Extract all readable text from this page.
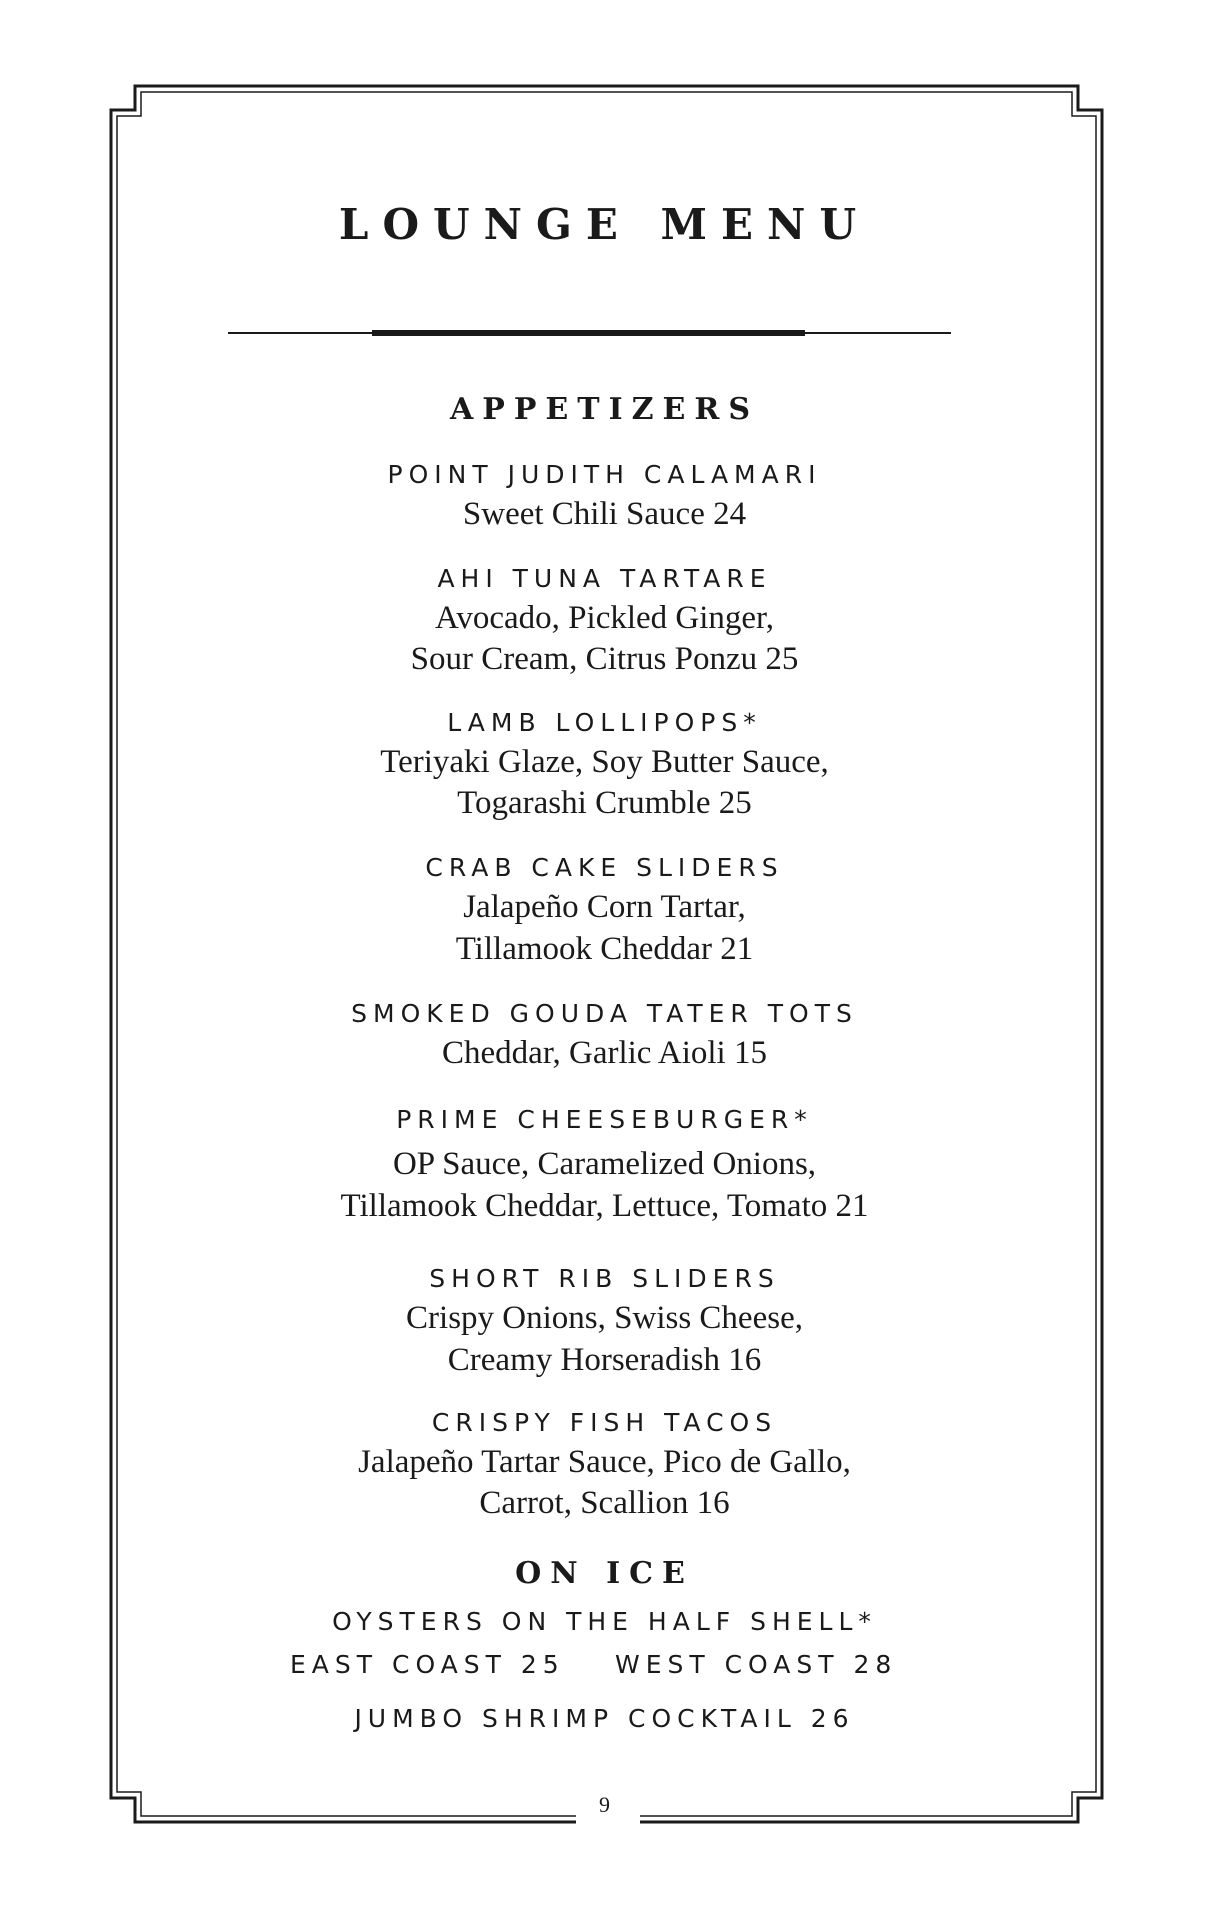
LOUNGE MENU
APPETIZERS
POINT JUDITH CALAMARI
Sweet Chili Sauce 24
AHI TUNA TARTARE
Avocado, Pickled Ginger,
Sour Cream, Citrus Ponzu 25
LAMB LOLLIPOPS*
Teriyaki Glaze, Soy Butter Sauce,
Togarashi Crumble 25
CRAB CAKE SLIDERS
Jalapeño Corn Tartar,
Tillamook Cheddar 21
SMOKED GOUDA TATER TOTS
Cheddar, Garlic Aioli 15
PRIME CHEESEBURGER*
OP Sauce, Caramelized Onions,
Tillamook Cheddar, Lettuce, Tomato 21
SHORT RIB SLIDERS
Crispy Onions, Swiss Cheese,
Creamy Horseradish 16
CRISPY FISH TACOS
Jalapeño Tartar Sauce, Pico de Gallo,
Carrot, Scallion 16
ON ICE
OYSTERS ON THE HALF SHELL*
EAST COAST 25 WEST COAST 28
JUMBO SHRIMP COCKTAIL 26
9
